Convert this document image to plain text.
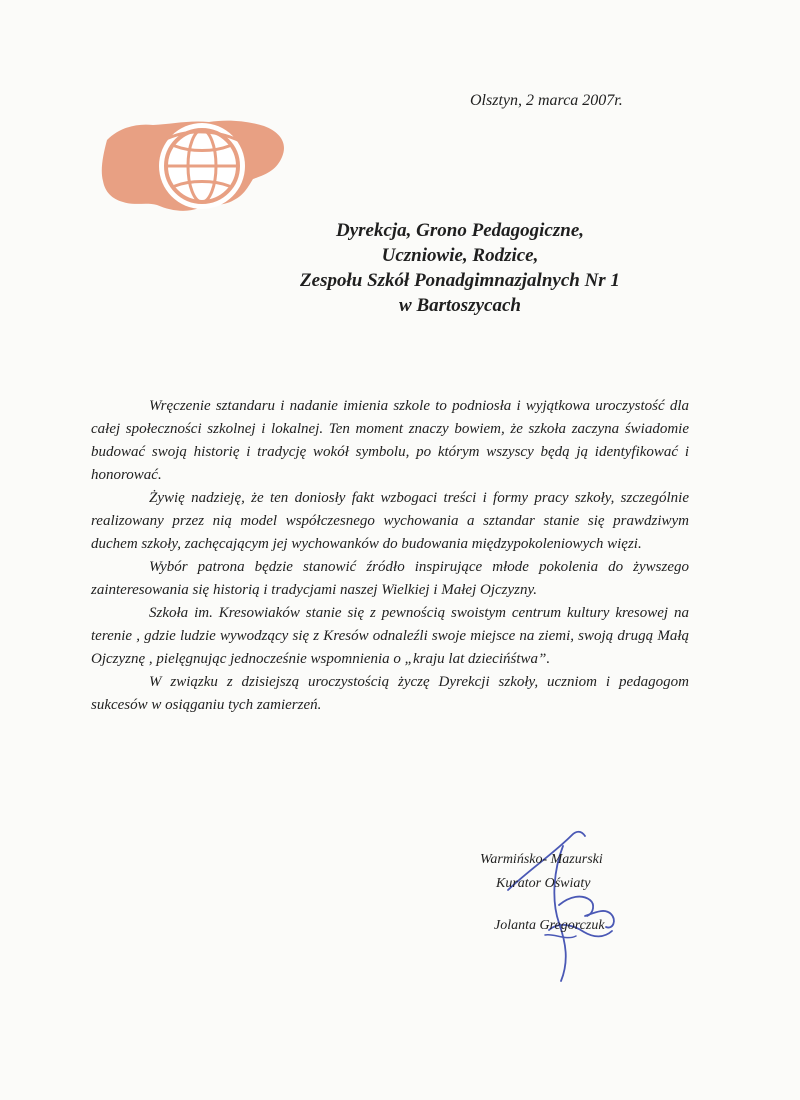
Olsztyn, 2 marca 2007r.
Dyrekcja, Grono Pedagogiczne,
Uczniowie, Rodzice,
Zespołu Szkół Ponadgimnazjalnych Nr 1
w Bartoszycach

Wręczenie sztandaru i nadanie imienia szkole to podniosła i wyjątkowa uroczystość dla całej społeczności szkolnej i lokalnej. Ten moment znaczy bowiem, że szkoła zaczyna świadomie budować swoją historię i tradycję wokół symbolu, po którym wszyscy będą ją identyfikować i honorować.

Żywię nadzieję, że ten doniosły fakt wzbogaci treści i formy pracy szkoły, szczególnie realizowany przez nią model współczesnego wychowania a sztandar stanie się prawdziwym duchem szkoły, zachęcającym jej wychowanków do budowania międzypokoleniowych więzi.

Wybór patrona będzie stanowić źródło inspirujące młode pokolenia do żywszego zainteresowania się historią i tradycjami naszej Wielkiej i Małej Ojczyzny.

Szkoła im. Kresowiaków stanie się z pewnością swoistym centrum kultury kresowej na terenie , gdzie ludzie wywodzący się z Kresów odnaleźli swoje miejsce na ziemi, swoją drugą Małą Ojczyznę , pielęgnując jednocześnie wspomnienia o „kraju lat dziecińśtwa”.

W związku z dzisiejszą uroczystością życzę Dyrekcji szkoły, uczniom i pedagogom sukcesów w osiąganiu tych zamierzeń.

Warmińsko- Mazurski
Kurator Oświaty
Jolanta Gregorczuk
